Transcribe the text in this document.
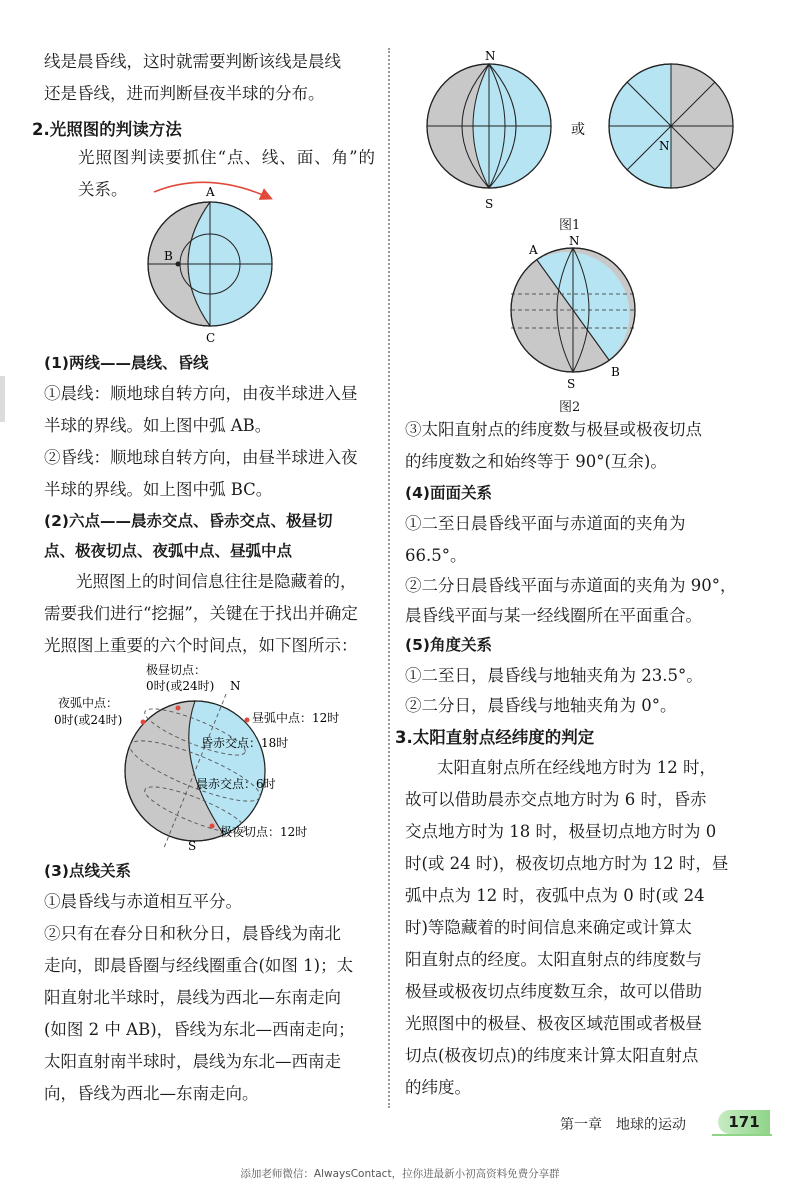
线是晨昏线，这时就需要判断该线是晨线
还是昏线，进而判断昼夜半球的分布。
2.光照图的判读方法
光照图判读要抓住“点、线、面、角”的关系。	A
B
C
(1)两线——晨线、昏线
①晨线：顺地球自转方向，由夜半球进入昼
半球的界线。如上图中弧 AB。
②昏线：顺地球自转方向，由昼半球进入夜
半球的界线。如上图中弧 BC。
(2)六点——晨赤交点、昏赤交点、极昼切
点、极夜切点、夜弧中点、昼弧中点
光照图上的时间信息往往是隐藏着的，
需要我们进行“挖掘”，关键在于找出并确定
光照图上重要的六个时间点，如下图所示：
极昼切点：
0时(或24时) N
夜弧中点：
0时(或24时)	昼弧中点：12时
昏赤交点：18时
晨赤交点：6时
极夜切点：12时
S
(3)点线关系
①晨昏线与赤道相互平分。
②只有在春分日和秋分日，晨昏线为南北
走向，即晨昏圈与经线圈重合(如图 1)；太
阳直射北半球时，晨线为西北—东南走向
(如图 2 中 AB)，昏线为东北—西南走向；
太阳直射南半球时，晨线为东北—西南走
向，昏线为西北—东南走向。
N
S
或
N
图1
A
N
S
B
图2
③太阳直射点的纬度数与极昼或极夜切点
的纬度数之和始终等于 90°(互余)。
(4)面面关系
①二至日晨昏线平面与赤道面的夹角为
66.5°。
②二分日晨昏线平面与赤道面的夹角为 90°，
晨昏线平面与某一经线圈所在平面重合。
(5)角度关系
①二至日，晨昏线与地轴夹角为 23.5°。
②二分日，晨昏线与地轴夹角为 0°。
3.太阳直射点经纬度的判定
太阳直射点所在经线地方时为 12 时，
故可以借助晨赤交点地方时为 6 时，昏赤
交点地方时为 18 时，极昼切点地方时为 0
时(或 24 时)，极夜切点地方时为 12 时，昼
弧中点为 12 时，夜弧中点为 0 时(或 24
时)等隐藏着的时间信息来确定或计算太
阳直射点的经度。太阳直射点的纬度数与
极昼或极夜切点纬度数互余，故可以借助
光照图中的极昼、极夜区域范围或者极昼
切点(极夜切点)的纬度来计算太阳直射点
的纬度。
第一章　地球的运动	171
添加老师微信：AlwaysContact，拉你进最新小初高资料免费分享群
